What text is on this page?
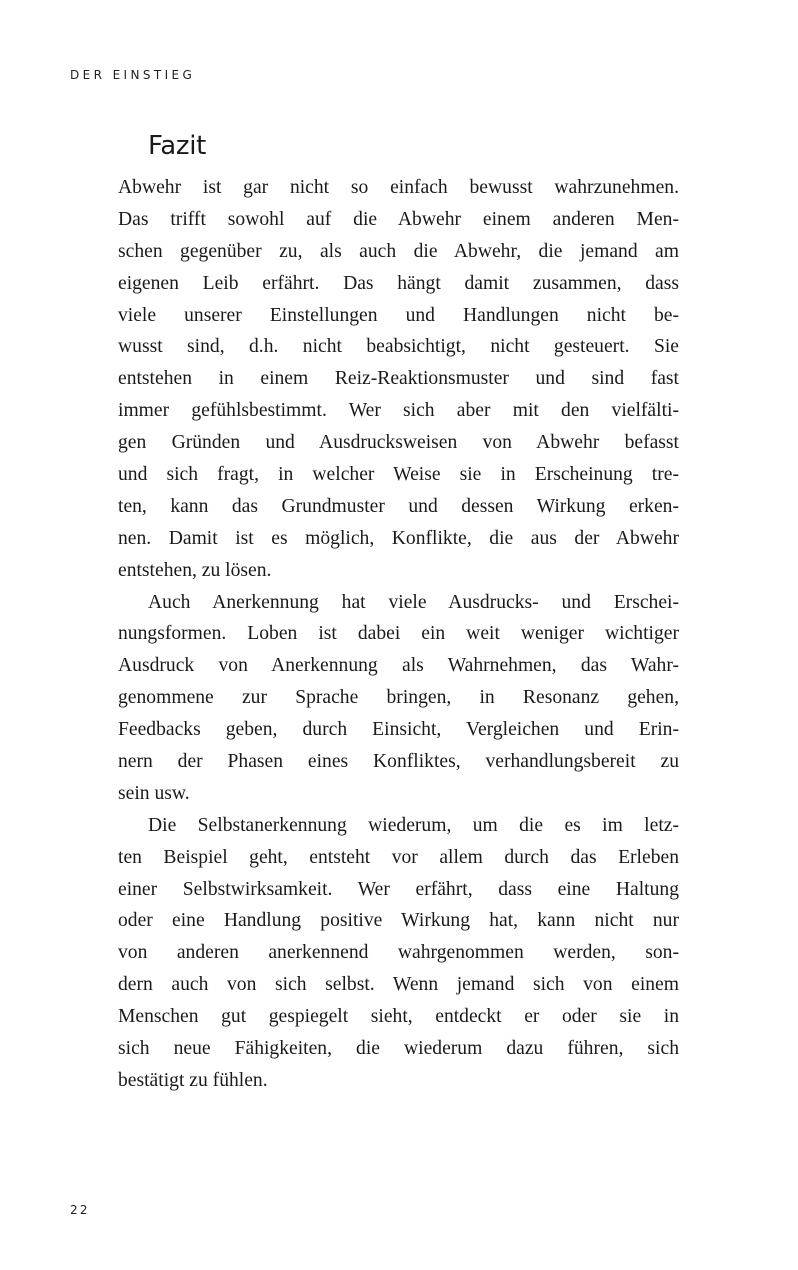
DER EINSTIEG

Fazit
Abwehr ist gar nicht so einfach bewusst wahrzunehmen.
Das trifft sowohl auf die Abwehr einem anderen Men-
schen gegenüber zu, als auch die Abwehr, die jemand am
eigenen Leib erfährt. Das hängt damit zusammen, dass
viele unserer Einstellungen und Handlungen nicht be-
wusst sind, d.h. nicht beabsichtigt, nicht gesteuert. Sie
entstehen in einem Reiz-Reaktionsmuster und sind fast
immer gefühlsbestimmt. Wer sich aber mit den vielfälti-
gen Gründen und Ausdrucksweisen von Abwehr befasst
und sich fragt, in welcher Weise sie in Erscheinung tre-
ten, kann das Grundmuster und dessen Wirkung erken-
nen. Damit ist es möglich, Konflikte, die aus der Abwehr
entstehen, zu lösen.
Auch Anerkennung hat viele Ausdrucks- und Erschei-
nungsformen. Loben ist dabei ein weit weniger wichtiger
Ausdruck von Anerkennung als Wahrnehmen, das Wahr-
genommene zur Sprache bringen, in Resonanz gehen,
Feedbacks geben, durch Einsicht, Vergleichen und Erin-
nern der Phasen eines Konfliktes, verhandlungsbereit zu
sein usw.
Die Selbstanerkennung wiederum, um die es im letz-
ten Beispiel geht, entsteht vor allem durch das Erleben
einer Selbstwirksamkeit. Wer erfährt, dass eine Haltung
oder eine Handlung positive Wirkung hat, kann nicht nur
von anderen anerkennend wahrgenommen werden, son-
dern auch von sich selbst. Wenn jemand sich von einem
Menschen gut gespiegelt sieht, entdeckt er oder sie in
sich neue Fähigkeiten, die wiederum dazu führen, sich
bestätigt zu fühlen.

22
